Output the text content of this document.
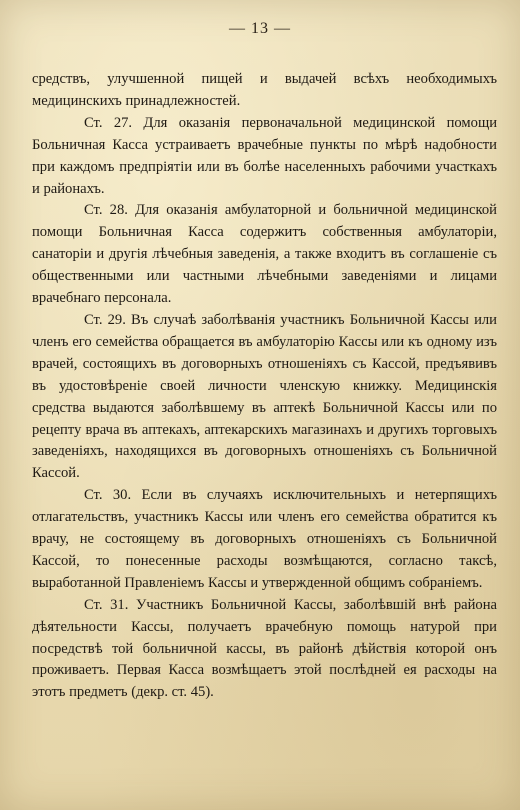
— 13 —

средствъ, улучшенной пищей и выдачей всѣхъ необходимыхъ медицинскихъ принадлежностей.

Ст. 27. Для оказанія первоначальной медицинской помощи Больничная Касса устраиваетъ врачебные пункты по мѣрѣ надобности при каждомъ предпріятіи или въ болѣе населенныхъ рабочими участкахъ и районахъ.

Ст. 28. Для оказанія амбулаторной и больничной медицинской помощи Больничная Касса содержитъ собственныя амбулаторіи, санаторіи и другія лѣчебныя заведенія, а также входитъ въ соглашеніе съ общественными или частными лѣчебными заведеніями и лицами врачебнаго персонала.

Ст. 29. Въ случаѣ заболѣванія участникъ Больничной Кассы или членъ его семейства обращается въ амбулаторію Кассы или къ одному изъ врачей, состоящихъ въ договорныхъ отношеніяхъ съ Кассой, предъявивъ въ удостовѣреніе своей личности членскую книжку. Медицинскія средства выдаются заболѣвшему въ аптекѣ Больничной Кассы или по рецепту врача въ аптекахъ, аптекарскихъ магазинахъ и другихъ торговыхъ заведеніяхъ, находящихся въ договорныхъ отношеніяхъ съ Больничной Кассой.

Ст. 30. Если въ случаяхъ исключительныхъ и нетерпящихъ отлагательствъ, участникъ Кассы или членъ его семейства обратится къ врачу, не состоящему въ договорныхъ отношеніяхъ съ Больничной Кассой, то понесенные расходы возмѣщаются, согласно таксѣ, выработанной Правленіемъ Кассы и утвержденной общимъ собраніемъ.

Ст. 31. Участникъ Больничной Кассы, заболѣвшій внѣ района дѣятельности Кассы, получаетъ врачебную помощь натурой при посредствѣ той больничной кассы, въ районѣ дѣйствія которой онъ проживаетъ. Первая Касса возмѣщаетъ этой послѣдней ея расходы на этотъ предметъ (декр. ст. 45).
